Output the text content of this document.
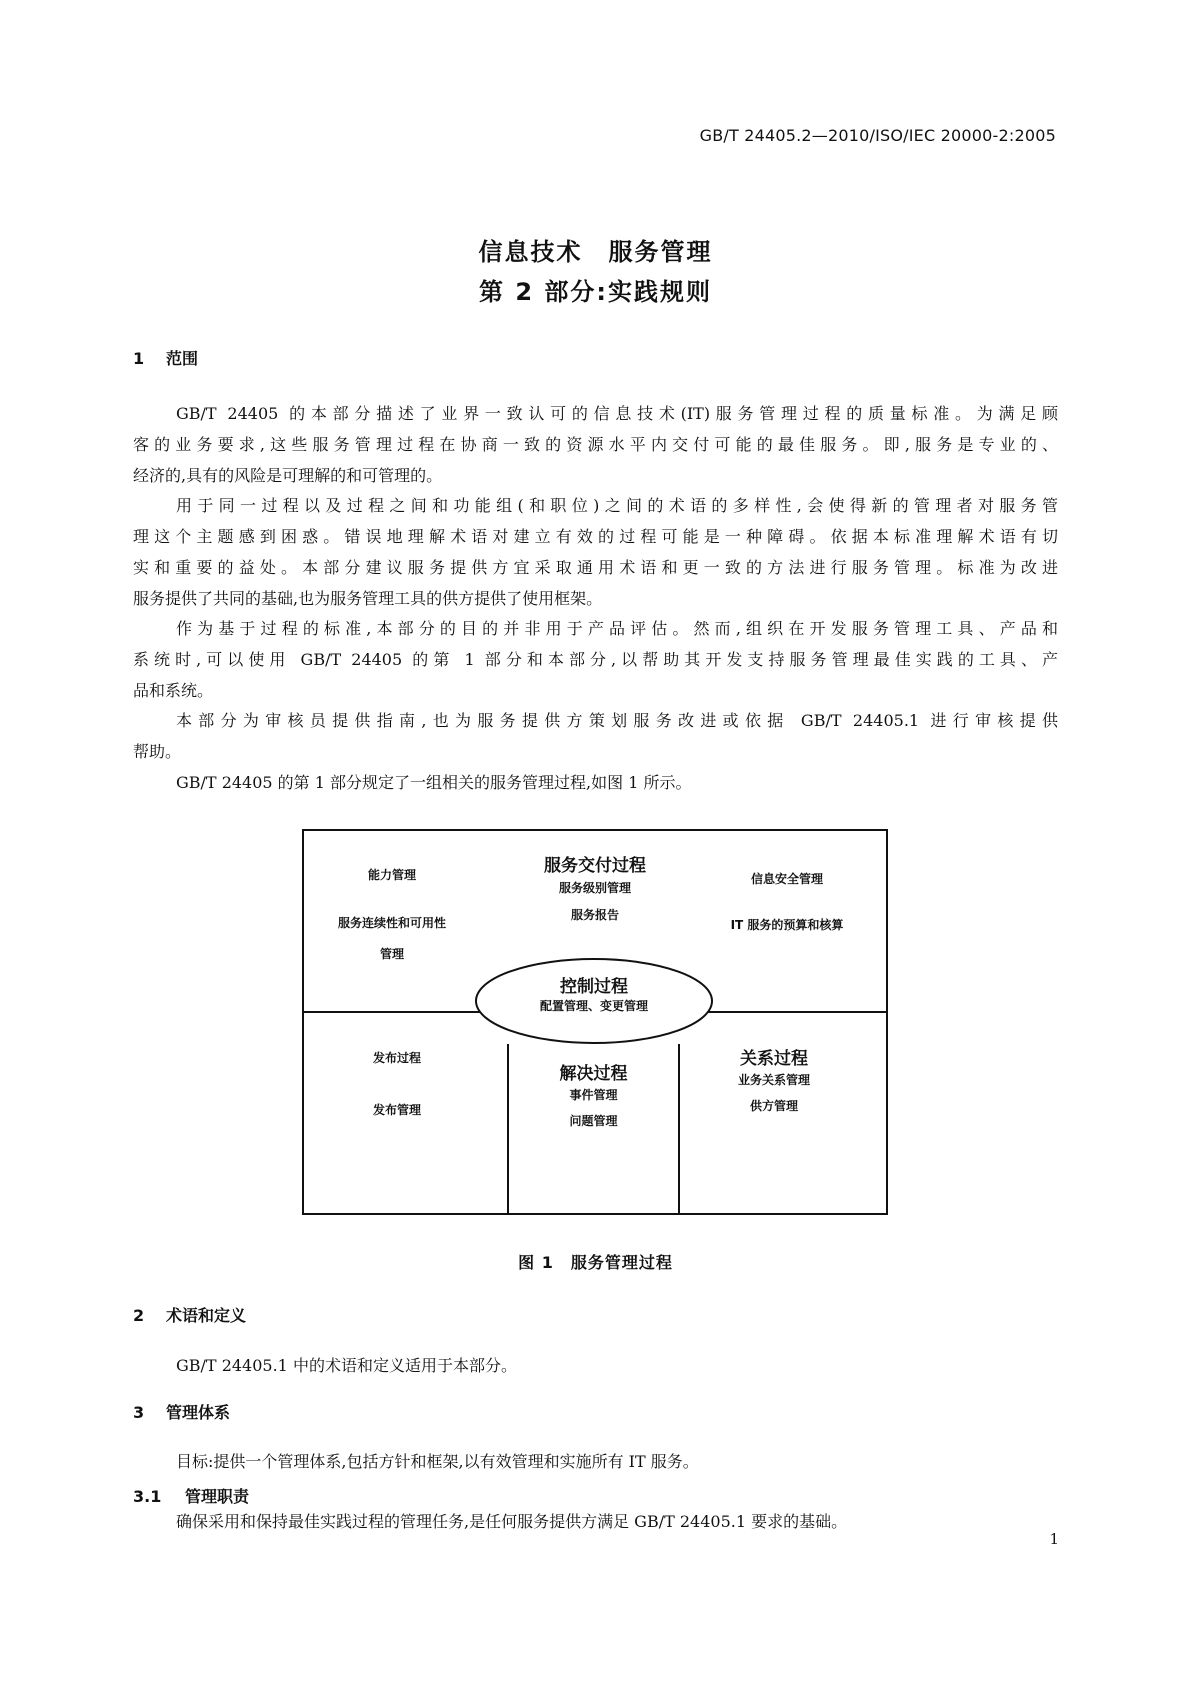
GB/T 24405.2—2010/ISO/IEC 20000-2:2005
信息技术　服务管理
第 2 部分:实践规则
1 范围
GB/T 24405 的本部分描述了业界一致认可的信息技术(IT)服务管理过程的质量标准。为满足顾
客的业务要求,这些服务管理过程在协商一致的资源水平内交付可能的最佳服务。即,服务是专业的、
经济的,具有的风险是可理解的和可管理的。
用于同一过程以及过程之间和功能组(和职位)之间的术语的多样性,会使得新的管理者对服务管
理这个主题感到困惑。错误地理解术语对建立有效的过程可能是一种障碍。依据本标准理解术语有切
实和重要的益处。本部分建议服务提供方宜采取通用术语和更一致的方法进行服务管理。标准为改进
服务提供了共同的基础,也为服务管理工具的供方提供了使用框架。
作为基于过程的标准,本部分的目的并非用于产品评估。然而,组织在开发服务管理工具、产品和
系统时,可以使用 GB/T 24405 的第 1 部分和本部分,以帮助其开发支持服务管理最佳实践的工具、产
品和系统。
本部分为审核员提供指南,也为服务提供方策划服务改进或依据 GB/T 24405.1 进行审核提供
帮助。
GB/T 24405 的第 1 部分规定了一组相关的服务管理过程,如图 1 所示。
服务交付过程
服务级别管理
服务报告
能力管理
服务连续性和可用性
管理
信息安全管理
IT 服务的预算和核算
控制过程
配置管理、变更管理
发布过程
发布管理
解决过程
事件管理
问题管理
关系过程
业务关系管理
供方管理
图 1　服务管理过程
2 术语和定义
GB/T 24405.1 中的术语和定义适用于本部分。
3 管理体系
目标:提供一个管理体系,包括方针和框架,以有效管理和实施所有 IT 服务。
3.1 管理职责
确保采用和保持最佳实践过程的管理任务,是任何服务提供方满足 GB/T 24405.1 要求的基础。
1
